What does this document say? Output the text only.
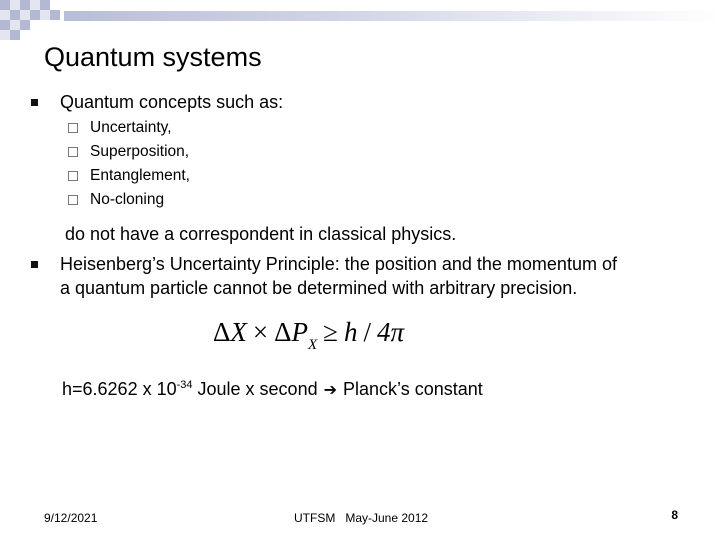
Quantum systems
Quantum concepts such as:
Uncertainty,
Superposition,
Entanglement,
No-cloning
do not have a correspondent in classical physics.
Heisenberg’s Uncertainty Principle: the position and the momentum of
a quantum particle cannot be determined with arbitrary precision.
$\Delta X \times \Delta P_X \ge h / 4\pi$
h=6.6262 x $10^{-34}$ Joule x second ➔ Planck’s constant
9/12/2021	UTFSM   May-June 2012	8
